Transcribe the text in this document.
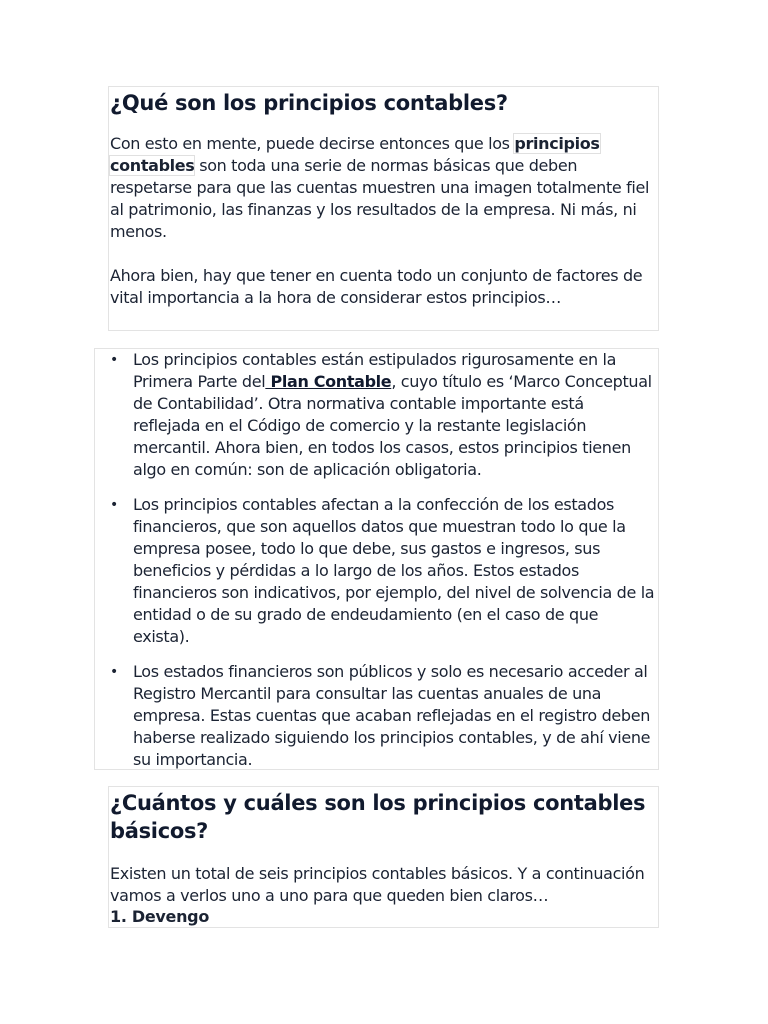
¿Qué son los principios contables?

Con esto en mente, puede decirse entonces que los principios
contables son toda una serie de normas básicas que deben respetarse para que las cuentas muestren una imagen totalmente fiel al patrimonio, las finanzas y los resultados de la empresa. Ni más, ni menos.

Ahora bien, hay que tener en cuenta todo un conjunto de factores de vital importancia a la hora de considerar estos principios…

• Los principios contables están estipulados rigurosamente en la Primera Parte del Plan Contable, cuyo título es ‘Marco Conceptual de Contabilidad’. Otra normativa contable importante está reflejada en el Código de comercio y la restante legislación mercantil. Ahora bien, en todos los casos, estos principios tienen algo en común: son de aplicación obligatoria.
• Los principios contables afectan a la confección de los estados financieros, que son aquellos datos que muestran todo lo que la empresa posee, todo lo que debe, sus gastos e ingresos, sus beneficios y pérdidas a lo largo de los años. Estos estados financieros son indicativos, por ejemplo, del nivel de solvencia de la entidad o de su grado de endeudamiento (en el caso de que exista).
• Los estados financieros son públicos y solo es necesario acceder al Registro Mercantil para consultar las cuentas anuales de una empresa. Estas cuentas que acaban reflejadas en el registro deben haberse realizado siguiendo los principios contables, y de ahí viene su importancia.
¿Cuántos y cuáles son los principios contables básicos?

Existen un total de seis principios contables básicos. Y a continuación vamos a verlos uno a uno para que queden bien claros…

1. Devengo
